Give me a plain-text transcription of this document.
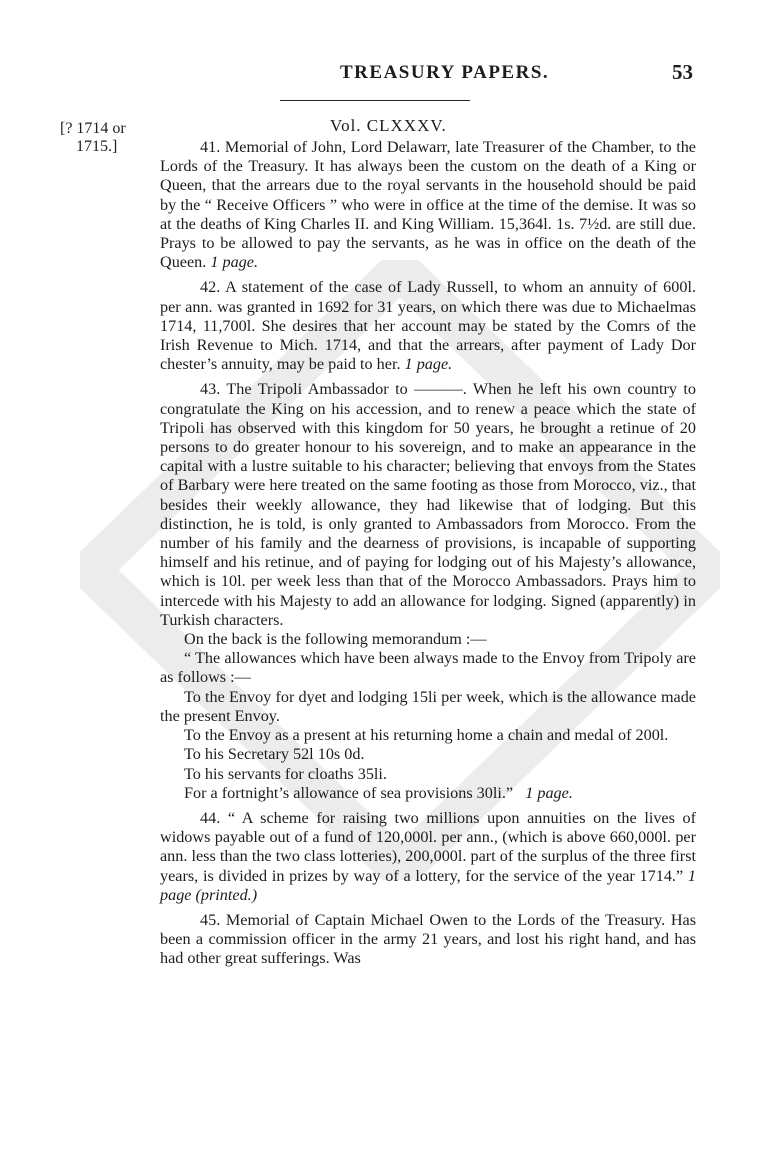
TREASURY PAPERS.	53
[? 1714 or
1715.]
Vol. CLXXXV.

41. Memorial of John, Lord Delawarr, late Treasurer of the Chamber, to the Lords of the Treasury. It has always been the custom on the death of a King or Queen, that the arrears due to the royal servants in the household should be paid by the “ Receive Officers ” who were in office at the time of the demise. It was so at the deaths of King Charles II. and King William. 15,364l. 1s. 7½d. are still due. Prays to be allowed to pay the servants, as he was in office on the death of the Queen. 1 page.

42. A statement of the case of Lady Russell, to whom an annuity of 600l. per ann. was granted in 1692 for 31 years, on which there was due to Michaelmas 1714, 11,700l. She desires that her account may be stated by the Comrs of the Irish Revenue to Mich. 1714, and that the arrears, after payment of Lady Dor chester’s annuity, may be paid to her. 1 page.

43. The Tripoli Ambassador to ———. When he left his own country to congratulate the King on his accession, and to renew a peace which the state of Tripoli has observed with this kingdom for 50 years, he brought a retinue of 20 persons to do greater honour to his sovereign, and to make an appearance in the capital with a lustre suitable to his character; believing that envoys from the States of Barbary were here treated on the same footing as those from Morocco, viz., that besides their weekly allowance, they had likewise that of lodging. But this distinction, he is told, is only granted to Ambassadors from Morocco. From the number of his family and the dearness of provisions, is incapable of supporting himself and his retinue, and of paying for lodging out of his Majesty’s allowance, which is 10l. per week less than that of the Morocco Ambassadors. Prays him to intercede with his Majesty to add an allowance for lodging. Signed (apparently) in Turkish characters.

On the back is the following memorandum :—

“ The allowances which have been always made to the Envoy from Tripoly are as follows :—

To the Envoy for dyet and lodging 15li per week, which is the allowance made the present Envoy.

To the Envoy as a present at his returning home a chain and medal of 200l.

To his Secretary 52l 10s 0d.

To his servants for cloaths 35li.

For a fortnight’s allowance of sea provisions 30li.” 1 page.

44. “ A scheme for raising two millions upon annuities on the lives of widows payable out of a fund of 120,000l. per ann., (which is above 660,000l. per ann. less than the two class lotteries), 200,000l. part of the surplus of the three first years, is divided in prizes by way of a lottery, for the service of the year 1714.” 1 page (printed.)

45. Memorial of Captain Michael Owen to the Lords of the Treasury. Has been a commission officer in the army 21 years, and lost his right hand, and has had other great sufferings. Was
